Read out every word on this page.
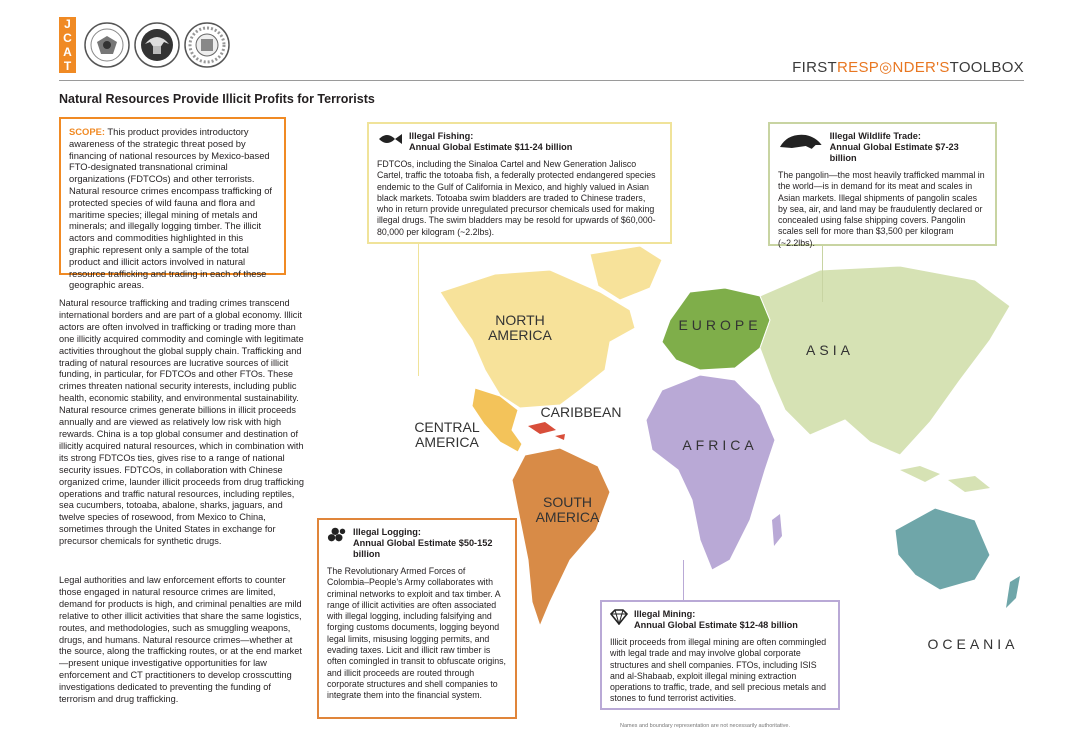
J
C
A
T	FIRSTRESP◎NDER'STOOLBOX
Natural Resources Provide Illicit Profits for Terrorists
SCOPE: This product provides introductory awareness of the strategic threat posed by financing of national resources by Mexico-based FTO-designated transnational criminal organizations (FDTCOs) and other terrorists. Natural resource crimes encompass trafficking of protected species of wild fauna and flora and maritime species; illegal mining of metals and minerals; and illegally logging timber. The illicit actors and commodities highlighted in this graphic represent only a sample of the total product and illicit actors involved in natural resource trafficking and trading in each of these geographic areas.
Natural resource trafficking and trading crimes transcend international borders and are part of a global economy. Illicit actors are often involved in trafficking or trading more than one illicitly acquired commodity and comingle with legitimate activities throughout the global supply chain. Trafficking and trading of natural resources are lucrative sources of illicit funding, in particular, for FDTCOs and other FTOs. These crimes threaten national security interests, including public health, economic stability, and environmental sustainability. Natural resource crimes generate billions in illicit proceeds annually and are viewed as relatively low risk with high rewards. China is a top global consumer and destination of illicitly acquired natural resources, which in combination with its strong FDTCOs ties, gives rise to a range of national security issues. FDTCOs, in collaboration with Chinese organized crime, launder illicit proceeds from drug trafficking operations and traffic natural resources, including reptiles, sea cucumbers, totoaba, abalone, sharks, jaguars, and twelve species of rosewood, from Mexico to China, sometimes through the United States in exchange for precursor chemicals for synthetic drugs.
Legal authorities and law enforcement efforts to counter those engaged in natural resource crimes are limited, demand for products is high, and criminal penalties are mild relative to other illicit activities that share the same logistics, routes, and methodologies, such as smuggling weapons, drugs, and humans. Natural resource crimes—whether at the source, along the trafficking routes, or at the end market—present unique investigative opportunities for law enforcement and CT practitioners to develop crosscutting investigations dedicated to preventing the funding of terrorism and drug trafficking.
NORTH
AMERICA
CENTRAL
AMERICA
CARIBBEAN
SOUTH
AMERICA
EUROPE
ASIA
AFRICA
OCEANIA
Illegal Fishing:
Annual Global Estimate $11-24 billion
FDTCOs, including the Sinaloa Cartel and New Generation Jalisco Cartel, traffic the totoaba fish, a federally protected endangered species endemic to the Gulf of California in Mexico, and highly valued in Asian black markets. Totoaba swim bladders are traded to Chinese traders, who in return provide unregulated precursor chemicals used for making illegal drugs. The swim bladders may be resold for upwards of $60,000-80,000 per kilogram (~2.2lbs).
Illegal Wildlife Trade:
Annual Global Estimate $7-23 billion
The pangolin—the most heavily trafficked mammal in the world—is in demand for its meat and scales in Asian markets. Illegal shipments of pangolin scales by sea, air, and land may be fraudulently declared or concealed using false shipping covers. Pangolin scales sell for more than $3,500 per kilogram (~2.2lbs).
Illegal Logging:
Annual Global Estimate $50-152 billion
The Revolutionary Armed Forces of Colombia–People's Army collaborates with criminal networks to exploit and tax timber. A range of illicit activities are often associated with illegal logging, including falsifying and forging customs documents, logging beyond legal limits, misusing logging permits, and evading taxes. Licit and illicit raw timber is often comingled in transit to obfuscate origins, and illicit proceeds are routed through corporate structures and shell companies to integrate them into the financial system.
Illegal Mining:
Annual Global Estimate $12-48 billion
Illicit proceeds from illegal mining are often commingled with legal trade and may involve global corporate structures and shell companies. FTOs, including ISIS and al-Shabaab, exploit illegal mining extraction operations to traffic, trade, and sell precious metals and stones to fund terrorist activities.
Names and boundary representation are not necessarily authoritative.
